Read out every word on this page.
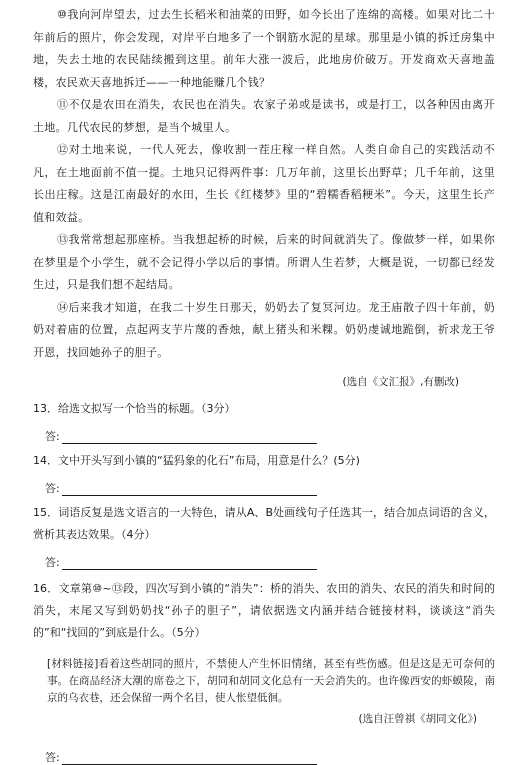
⑩我向河岸望去，过去生长稻米和油菜的田野，如今长出了连绵的高楼。如果对比二十年前后的照片，你会发现，对岸平白地多了一个钢筋水泥的星球。那里是小镇的拆迁房集中地，失去土地的农民陆续搬到这里。前年大涨一波后，此地房价破万。开发商欢天喜地盖楼，农民欢天喜地拆迁——一种地能赚几个钱？

⑪不仅是农田在消失，农民也在消失。农家子弟或是读书，或是打工，以各种因由离开土地。几代农民的梦想，是当个城里人。

⑫对土地来说，一代人死去，像收割一茬庄稼一样自然。人类自命自己的实践活动不凡，在土地面前不值一提。土地只记得两件事：几万年前，这里长出野草；几千年前，这里长出庄稼。这是江南最好的水田，生长《红楼梦》里的“碧糯香稻粳米”。今天，这里生长产值和效益。

⑬我常常想起那座桥。当我想起桥的时候，后来的时间就消失了。像做梦一样，如果你在梦里是个小学生，就不会记得小学以后的事情。所谓人生若梦，大概是说，一切都已经发生过，只是我们想不起结局。

⑭后来我才知道，在我二十岁生日那天，奶奶去了复冥河边。龙王庙散子四十年前，奶奶对着庙的位置，点起两支芋片蔑的香烛，献上猪头和米粿。奶奶虔诚地跪倒，祈求龙王爷开恩，找回她孙子的胆子。

(选自《文汇报》,有删改)

13．给选文拟写一个恰当的标题。（3分）

答:

14．文中开头写到小镇的“猛犸象的化石”布局，用意是什么？(5分)

答:

15．词语反复是选文语言的一大特色，请从A、B处画线句子任选其一，结合加点词语的含义，赏析其表达效果。（4分）

答:

16．文章第⑩~⑬段，四次写到小镇的“消失”：桥的消失、农田的消失、农民的消失和时间的消失，末尾又写到奶奶找“孙子的胆子”，请依据选文内涵并结合链接材料，谈谈这“消失的”和“找回的”到底是什么。（5分）

[材料链接]看着这些胡同的照片，不禁使人产生怀旧情绪，甚至有些伤感。但是这是无可奈何的事。在商品经济大潮的席卷之下，胡同和胡同文化总有一天会消失的。也许像西安的虾蟆陵，南京的乌衣巷，还会保留一两个名目，使人怅望低徊。

(选自汪曾祺《胡同文化》)

答:
